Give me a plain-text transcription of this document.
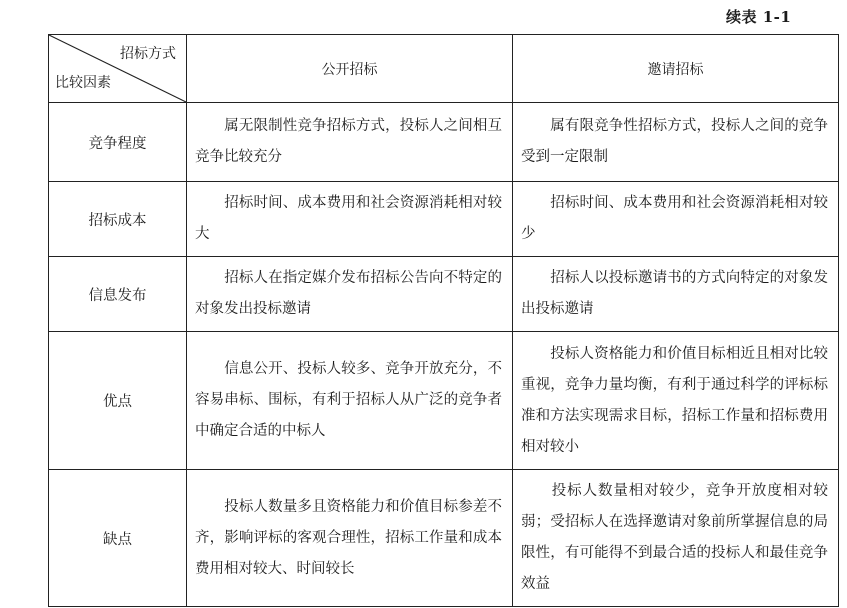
续表 1-1
招标方式
比较因素	公开招标	邀请招标
竞争程度	　　属无限制性竞争招标方式，投标人之间相互竞争比较充分	　　属有限竞争性招标方式，投标人之间的竞争受到一定限制
招标成本	　　招标时间、成本费用和社会资源消耗相对较大	　　招标时间、成本费用和社会资源消耗相对较少
信息发布	　　招标人在指定媒介发布招标公告向不特定的对象发出投标邀请	　　招标人以投标邀请书的方式向特定的对象发出投标邀请
优点	　　信息公开、投标人较多、竞争开放充分，不容易串标、围标，有利于招标人从广泛的竞争者中确定合适的中标人	　　投标人资格能力和价值目标相近且相对比较重视，竞争力量均衡，有利于通过科学的评标标准和方法实现需求目标，招标工作量和招标费用相对较小
缺点	　　投标人数量多且资格能力和价值目标参差不齐，影响评标的客观合理性，招标工作量和成本费用相对较大、时间较长	　　投标人数量相对较少，竞争开放度相对较弱；受招标人在选择邀请对象前所掌握信息的局限性，有可能得不到最合适的投标人和最佳竞争效益
